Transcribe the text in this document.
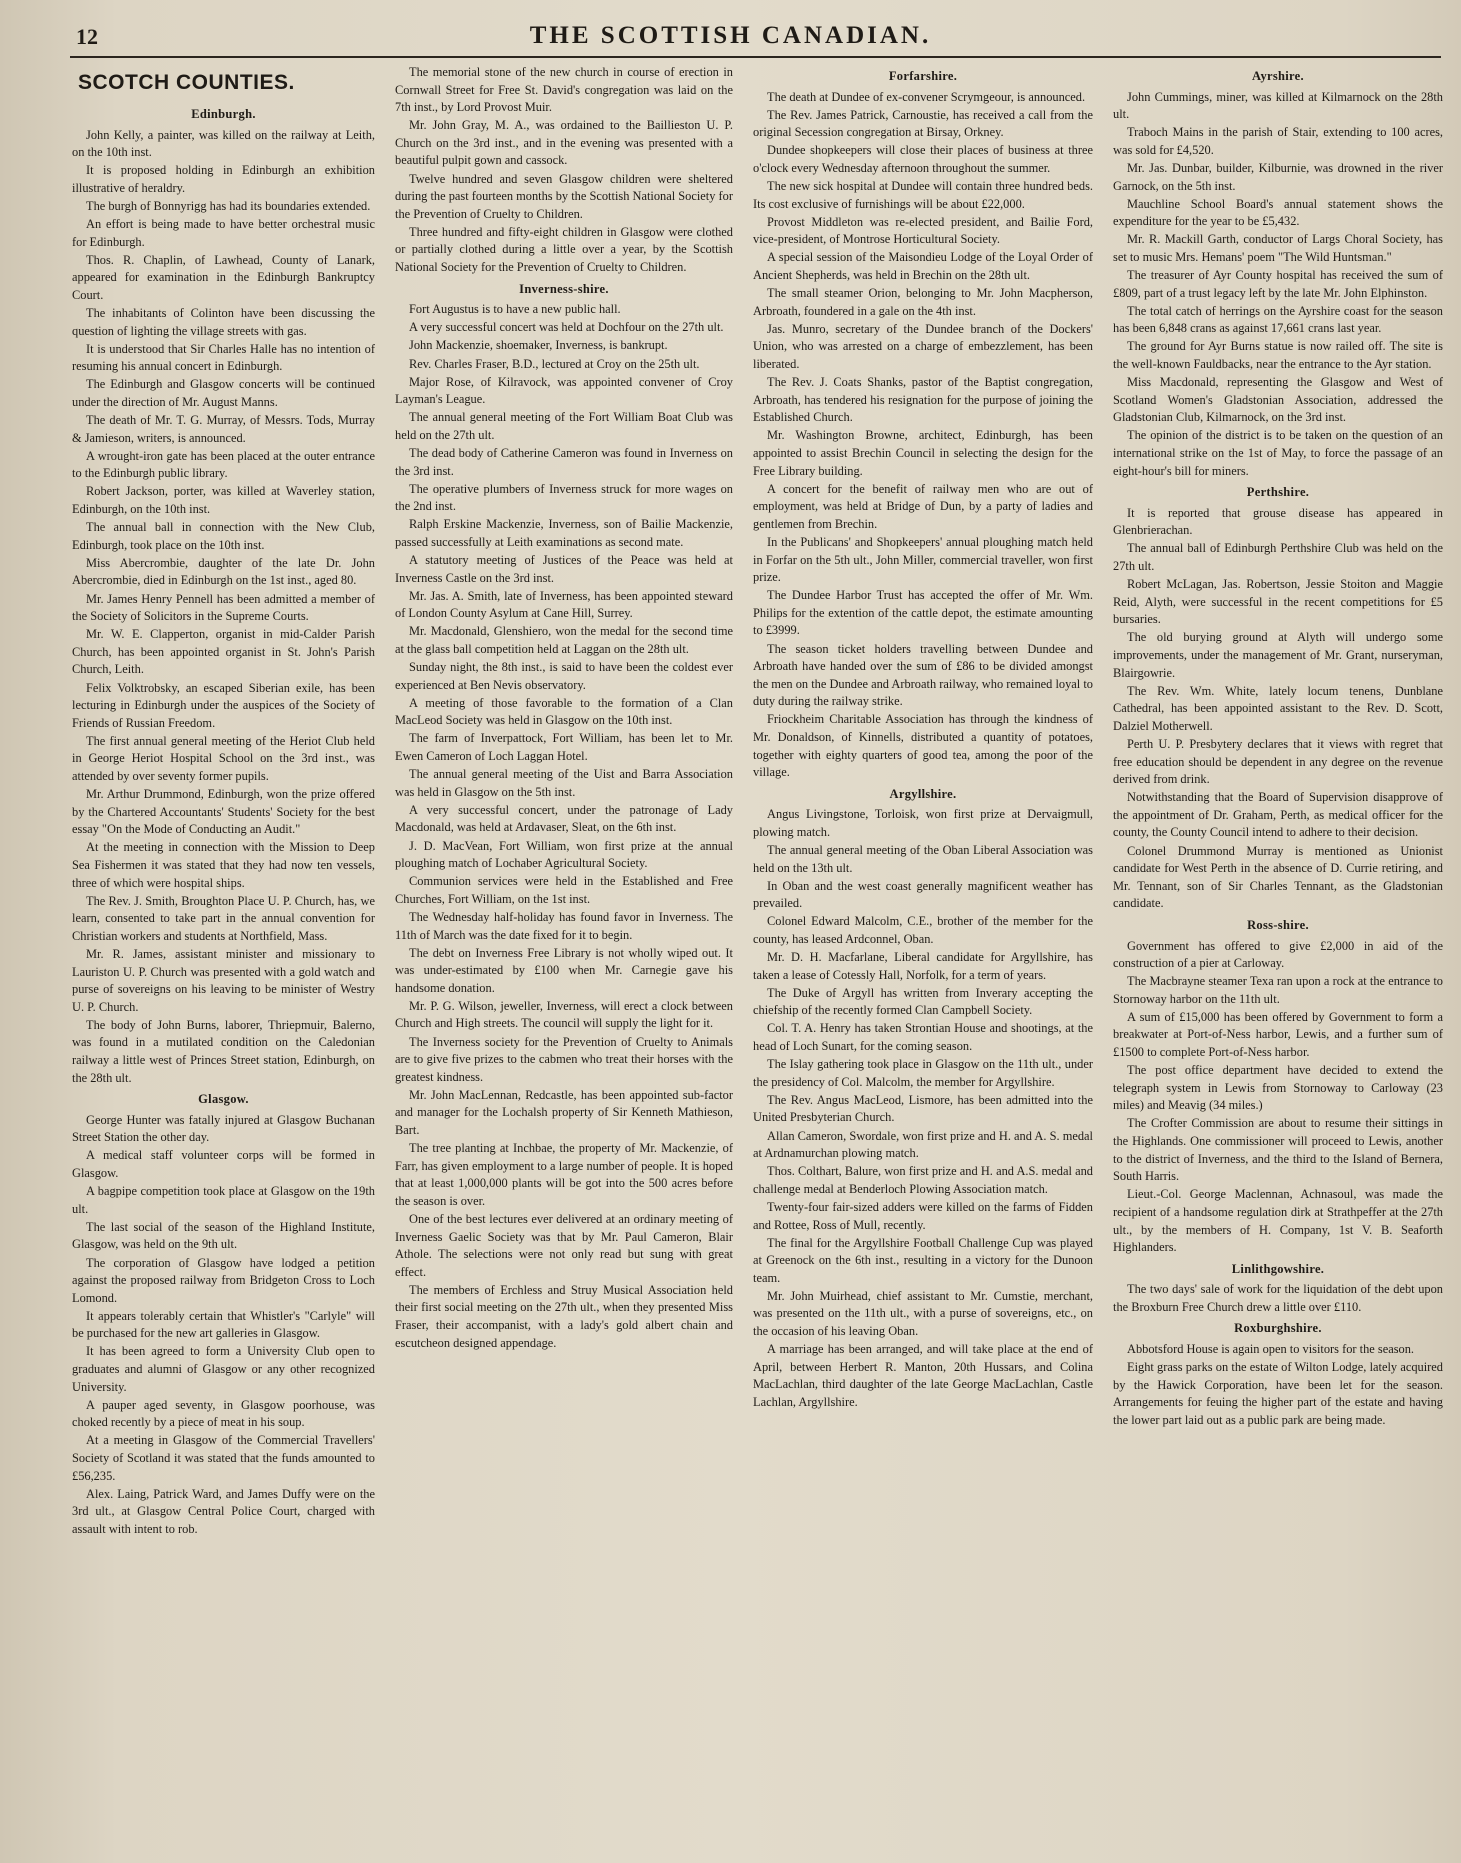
12	THE SCOTTISH CANADIAN.
SCOTCH COUNTIES.
Edinburgh.
John Kelly, a painter, was killed on the railway at Leith, on the 10th inst.
It is proposed holding in Edinburgh an exhibition illustrative of heraldry.
The burgh of Bonnyrigg has had its boundaries extended.
An effort is being made to have better orchestral music for Edinburgh.
Thos. R. Chaplin, of Lawhead, County of Lanark, appeared for examination in the Edinburgh Bankruptcy Court.
The inhabitants of Colinton have been discussing the question of lighting the village streets with gas.
It is understood that Sir Charles Halle has no intention of resuming his annual concert in Edinburgh.
The Edinburgh and Glasgow concerts will be continued under the direction of Mr. August Manns.
The death of Mr. T. G. Murray, of Messrs. Tods, Murray & Jamieson, writers, is announced.
A wrought-iron gate has been placed at the outer entrance to the Edinburgh public library.
Robert Jackson, porter, was killed at Waverley station, Edinburgh, on the 10th inst.
The annual ball in connection with the New Club, Edinburgh, took place on the 10th inst.
Miss Abercrombie, daughter of the late Dr. John Abercrombie, died in Edinburgh on the 1st inst., aged 80.
Mr. James Henry Pennell has been admitted a member of the Society of Solicitors in the Supreme Courts.
Mr. W. E. Clapperton, organist in mid-Calder Parish Church, has been appointed organist in St. John's Parish Church, Leith.
Felix Volktrobsky, an escaped Siberian exile, has been lecturing in Edinburgh under the auspices of the Society of Friends of Russian Freedom.
The first annual general meeting of the Heriot Club held in George Heriot Hospital School on the 3rd inst., was attended by over seventy former pupils.
Mr. Arthur Drummond, Edinburgh, won the prize offered by the Chartered Accountants' Students' Society for the best essay "On the Mode of Conducting an Audit."
At the meeting in connection with the Mission to Deep Sea Fishermen it was stated that they had now ten vessels, three of which were hospital ships.
The Rev. J. Smith, Broughton Place U. P. Church, has, we learn, consented to take part in the annual convention for Christian workers and students at Northfield, Mass.
Mr. R. James, assistant minister and missionary to Lauriston U. P. Church was presented with a gold watch and purse of sovereigns on his leaving to be minister of Westry U. P. Church.
The body of John Burns, laborer, Thriepmuir, Balerno, was found in a mutilated condition on the Caledonian railway a little west of Princes Street station, Edinburgh, on the 28th ult.
Glasgow.
George Hunter was fatally injured at Glasgow Buchanan Street Station the other day.
A medical staff volunteer corps will be formed in Glasgow.
A bagpipe competition took place at Glasgow on the 19th ult.
The last social of the season of the Highland Institute, Glasgow, was held on the 9th ult.
The corporation of Glasgow have lodged a petition against the proposed railway from Bridgeton Cross to Loch Lomond.
It appears tolerably certain that Whistler's "Carlyle" will be purchased for the new art galleries in Glasgow.
It has been agreed to form a University Club open to graduates and alumni of Glasgow or any other recognized University.
A pauper aged seventy, in Glasgow poorhouse, was choked recently by a piece of meat in his soup.
At a meeting in Glasgow of the Commercial Travellers' Society of Scotland it was stated that the funds amounted to £56,235.
Alex. Laing, Patrick Ward, and James Duffy were on the 3rd ult., at Glasgow Central Police Court, charged with assault with intent to rob.
The memorial stone of the new church in course of erection in Cornwall Street for Free St. David's congregation was laid on the 7th inst., by Lord Provost Muir.
Mr. John Gray, M. A., was ordained to the Baillieston U. P. Church on the 3rd inst., and in the evening was presented with a beautiful pulpit gown and cassock.
Twelve hundred and seven Glasgow children were sheltered during the past fourteen months by the Scottish National Society for the Prevention of Cruelty to Children.
Three hundred and fifty-eight children in Glasgow were clothed or partially clothed during a little over a year, by the Scottish National Society for the Prevention of Cruelty to Children.
Inverness-shire.
Fort Augustus is to have a new public hall.
A very successful concert was held at Dochfour on the 27th ult.
John Mackenzie, shoemaker, Inverness, is bankrupt.
Rev. Charles Fraser, B.D., lectured at Croy on the 25th ult.
Major Rose, of Kilravock, was appointed convener of Croy Layman's League.
The annual general meeting of the Fort William Boat Club was held on the 27th ult.
The dead body of Catherine Cameron was found in Inverness on the 3rd inst.
The operative plumbers of Inverness struck for more wages on the 2nd inst.
Ralph Erskine Mackenzie, Inverness, son of Bailie Mackenzie, passed successfully at Leith examinations as second mate.
A statutory meeting of Justices of the Peace was held at Inverness Castle on the 3rd inst.
Mr. Jas. A. Smith, late of Inverness, has been appointed steward of London County Asylum at Cane Hill, Surrey.
Mr. Macdonald, Glenshiero, won the medal for the second time at the glass ball competition held at Laggan on the 28th ult.
Sunday night, the 8th inst., is said to have been the coldest ever experienced at Ben Nevis observatory.
A meeting of those favorable to the formation of a Clan MacLeod Society was held in Glasgow on the 10th inst.
The farm of Inverpattock, Fort William, has been let to Mr. Ewen Cameron of Loch Laggan Hotel.
The annual general meeting of the Uist and Barra Association was held in Glasgow on the 5th inst.
A very successful concert, under the patronage of Lady Macdonald, was held at Ardavaser, Sleat, on the 6th inst.
J. D. MacVean, Fort William, won first prize at the annual ploughing match of Lochaber Agricultural Society.
Communion services were held in the Established and Free Churches, Fort William, on the 1st inst.
The Wednesday half-holiday has found favor in Inverness. The 11th of March was the date fixed for it to begin.
The debt on Inverness Free Library is not wholly wiped out. It was under-estimated by £100 when Mr. Carnegie gave his handsome donation.
Mr. P. G. Wilson, jeweller, Inverness, will erect a clock between Church and High streets. The council will supply the light for it.
The Inverness society for the Prevention of Cruelty to Animals are to give five prizes to the cabmen who treat their horses with the greatest kindness.
Mr. John MacLennan, Redcastle, has been appointed sub-factor and manager for the Lochalsh property of Sir Kenneth Mathieson, Bart.
The tree planting at Inchbae, the property of Mr. Mackenzie, of Farr, has given employment to a large number of people. It is hoped that at least 1,000,000 plants will be got into the 500 acres before the season is over.
One of the best lectures ever delivered at an ordinary meeting of Inverness Gaelic Society was that by Mr. Paul Cameron, Blair Athole. The selections were not only read but sung with great effect.
The members of Erchless and Struy Musical Association held their first social meeting on the 27th ult., when they presented Miss Fraser, their accompanist, with a lady's gold albert chain and escutcheon designed appendage.
Forfarshire.
The death at Dundee of ex-convener Scrymgeour, is announced.
The Rev. James Patrick, Carnoustie, has received a call from the original Secession congregation at Birsay, Orkney.
Dundee shopkeepers will close their places of business at three o'clock every Wednesday afternoon throughout the summer.
The new sick hospital at Dundee will contain three hundred beds. Its cost exclusive of furnishings will be about £22,000.
Provost Middleton was re-elected president, and Bailie Ford, vice-president, of Montrose Horticultural Society.
A special session of the Maisondieu Lodge of the Loyal Order of Ancient Shepherds, was held in Brechin on the 28th ult.
The small steamer Orion, belonging to Mr. John Macpherson, Arbroath, foundered in a gale on the 4th inst.
Jas. Munro, secretary of the Dundee branch of the Dockers' Union, who was arrested on a charge of embezzlement, has been liberated.
The Rev. J. Coats Shanks, pastor of the Baptist congregation, Arbroath, has tendered his resignation for the purpose of joining the Established Church.
Mr. Washington Browne, architect, Edinburgh, has been appointed to assist Brechin Council in selecting the design for the Free Library building.
A concert for the benefit of railway men who are out of employment, was held at Bridge of Dun, by a party of ladies and gentlemen from Brechin.
In the Publicans' and Shopkeepers' annual ploughing match held in Forfar on the 5th ult., John Miller, commercial traveller, won first prize.
The Dundee Harbor Trust has accepted the offer of Mr. Wm. Philips for the extention of the cattle depot, the estimate amounting to £3999.
The season ticket holders travelling between Dundee and Arbroath have handed over the sum of £86 to be divided amongst the men on the Dundee and Arbroath railway, who remained loyal to duty during the railway strike.
Friockheim Charitable Association has through the kindness of Mr. Donaldson, of Kinnells, distributed a quantity of potatoes, together with eighty quarters of good tea, among the poor of the village.
Argyllshire.
Angus Livingstone, Torloisk, won first prize at Dervaigmull, plowing match.
The annual general meeting of the Oban Liberal Association was held on the 13th ult.
In Oban and the west coast generally magnificent weather has prevailed.
Colonel Edward Malcolm, C.E., brother of the member for the county, has leased Ardconnel, Oban.
Mr. D. H. Macfarlane, Liberal candidate for Argyllshire, has taken a lease of Cotessly Hall, Norfolk, for a term of years.
The Duke of Argyll has written from Inverary accepting the chiefship of the recently formed Clan Campbell Society.
Col. T. A. Henry has taken Strontian House and shootings, at the head of Loch Sunart, for the coming season.
The Islay gathering took place in Glasgow on the 11th ult., under the presidency of Col. Malcolm, the member for Argyllshire.
The Rev. Angus MacLeod, Lismore, has been admitted into the United Presbyterian Church.
Allan Cameron, Swordale, won first prize and H. and A. S. medal at Ardnamurchan plowing match.
Thos. Colthart, Balure, won first prize and H. and A.S. medal and challenge medal at Benderloch Plowing Association match.
Twenty-four fair-sized adders were killed on the farms of Fidden and Rottee, Ross of Mull, recently.
The final for the Argyllshire Football Challenge Cup was played at Greenock on the 6th inst., resulting in a victory for the Dunoon team.
Mr. John Muirhead, chief assistant to Mr. Cumstie, merchant, was presented on the 11th ult., with a purse of sovereigns, etc., on the occasion of his leaving Oban.
A marriage has been arranged, and will take place at the end of April, between Herbert R. Manton, 20th Hussars, and Colina MacLachlan, third daughter of the late George MacLachlan, Castle Lachlan, Argyllshire.
Ayrshire.
John Cummings, miner, was killed at Kilmarnock on the 28th ult.
Traboch Mains in the parish of Stair, extending to 100 acres, was sold for £4,520.
Mr. Jas. Dunbar, builder, Kilburnie, was drowned in the river Garnock, on the 5th inst.
Mauchline School Board's annual statement shows the expenditure for the year to be £5,432.
Mr. R. Mackill Garth, conductor of Largs Choral Society, has set to music Mrs. Hemans' poem "The Wild Huntsman."
The treasurer of Ayr County hospital has received the sum of £809, part of a trust legacy left by the late Mr. John Elphinston.
The total catch of herrings on the Ayrshire coast for the season has been 6,848 crans as against 17,661 crans last year.
The ground for Ayr Burns statue is now railed off. The site is the well-known Fauldbacks, near the entrance to the Ayr station.
Miss Macdonald, representing the Glasgow and West of Scotland Women's Gladstonian Association, addressed the Gladstonian Club, Kilmarnock, on the 3rd inst.
The opinion of the district is to be taken on the question of an international strike on the 1st of May, to force the passage of an eight-hour's bill for miners.
Perthshire.
It is reported that grouse disease has appeared in Glenbrierachan.
The annual ball of Edinburgh Perthshire Club was held on the 27th ult.
Robert McLagan, Jas. Robertson, Jessie Stoiton and Maggie Reid, Alyth, were successful in the recent competitions for £5 bursaries.
The old burying ground at Alyth will undergo some improvements, under the management of Mr. Grant, nurseryman, Blairgowrie.
The Rev. Wm. White, lately locum tenens, Dunblane Cathedral, has been appointed assistant to the Rev. D. Scott, Dalziel Motherwell.
Perth U. P. Presbytery declares that it views with regret that free education should be dependent in any degree on the revenue derived from drink.
Notwithstanding that the Board of Supervision disapprove of the appointment of Dr. Graham, Perth, as medical officer for the county, the County Council intend to adhere to their decision.
Colonel Drummond Murray is mentioned as Unionist candidate for West Perth in the absence of D. Currie retiring, and Mr. Tennant, son of Sir Charles Tennant, as the Gladstonian candidate.
Ross-shire.
Government has offered to give £2,000 in aid of the construction of a pier at Carloway.
The Macbrayne steamer Texa ran upon a rock at the entrance to Stornoway harbor on the 11th ult.
A sum of £15,000 has been offered by Government to form a breakwater at Port-of-Ness harbor, Lewis, and a further sum of £1500 to complete Port-of-Ness harbor.
The post office department have decided to extend the telegraph system in Lewis from Stornoway to Carloway (23 miles) and Meavig (34 miles.)
The Crofter Commission are about to resume their sittings in the Highlands. One commissioner will proceed to Lewis, another to the district of Inverness, and the third to the Island of Bernera, South Harris.
Lieut.-Col. George Maclennan, Achnasoul, was made the recipient of a handsome regulation dirk at Strathpeffer at the 27th ult., by the members of H. Company, 1st V. B. Seaforth Highlanders.
Linlithgowshire.
The two days' sale of work for the liquidation of the debt upon the Broxburn Free Church drew a little over £110.
Roxburghshire.
Abbotsford House is again open to visitors for the season.
Eight grass parks on the estate of Wilton Lodge, lately acquired by the Hawick Corporation, have been let for the season. Arrangements for feuing the higher part of the estate and having the lower part laid out as a public park are being made.
